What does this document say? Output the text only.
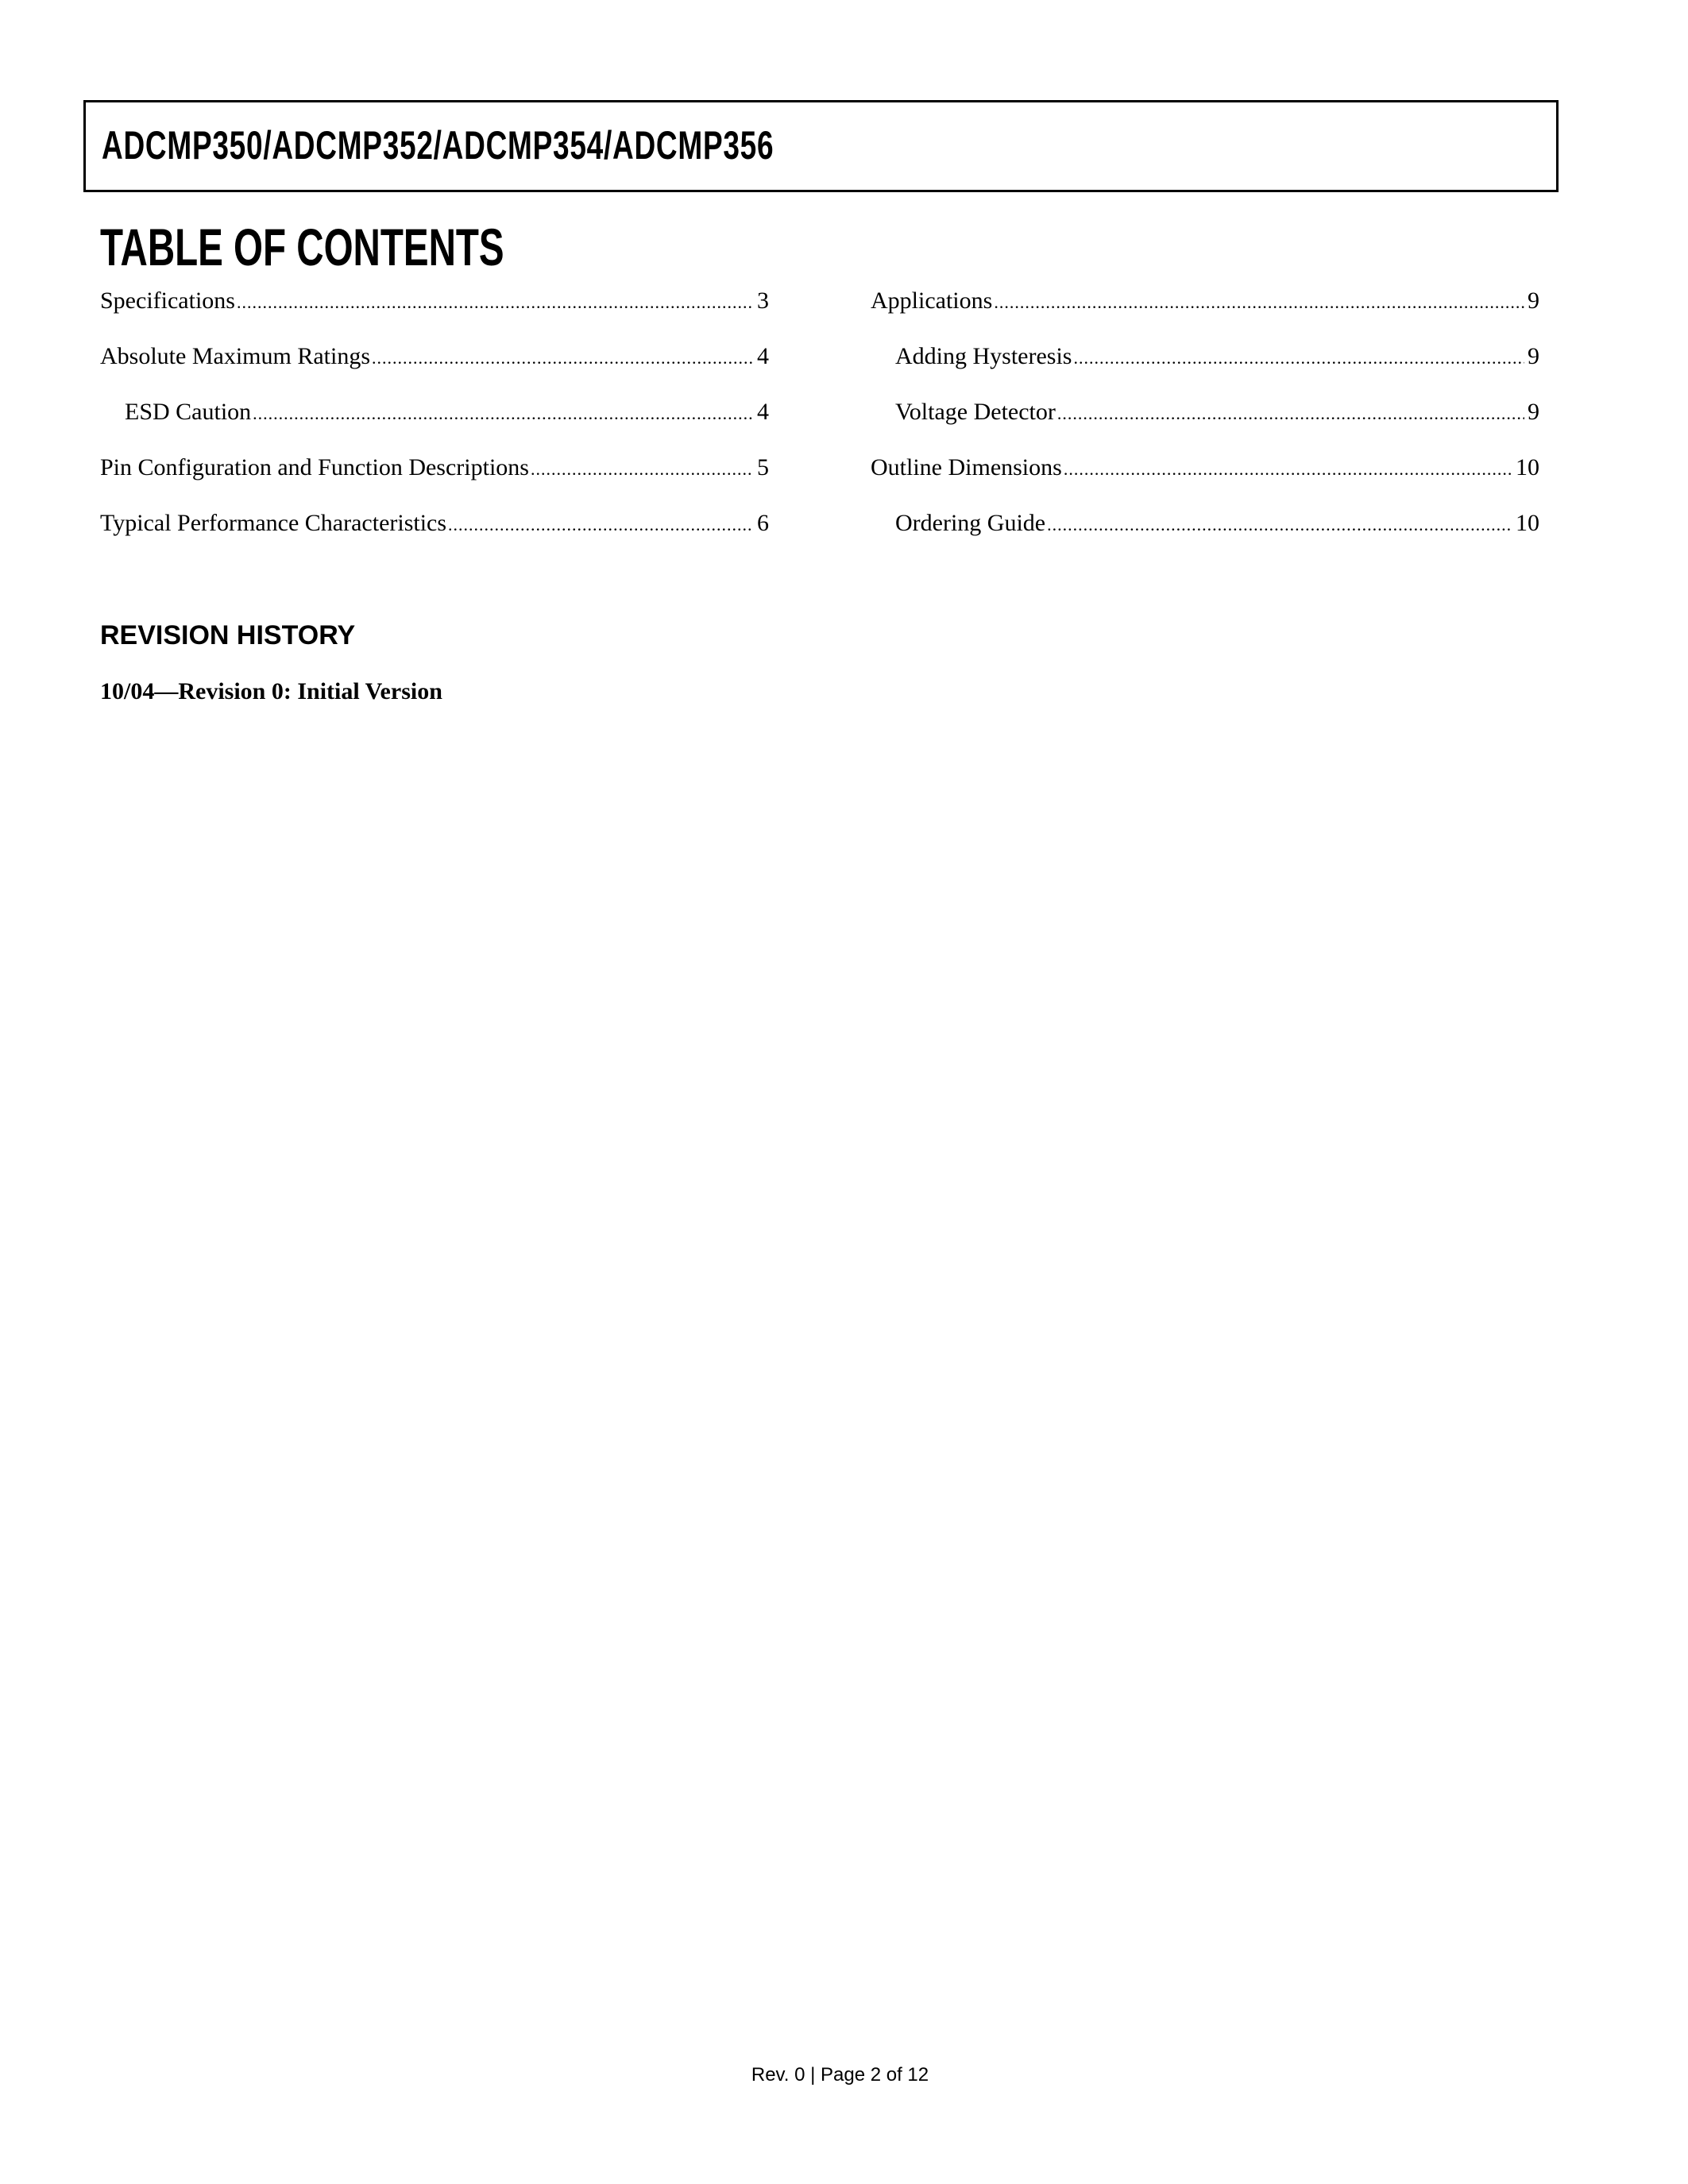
ADCMP350/ADCMP352/ADCMP354/ADCMP356
TABLE OF CONTENTS
Specifications .....	3
Absolute Maximum Ratings .....	4
ESD Caution .....	4
Pin Configuration and Function Descriptions .....	5
Typical Performance Characteristics .....	6
Applications .....	9
Adding Hysteresis .....	9
Voltage Detector .....	9
Outline Dimensions .....	10
Ordering Guide .....	10
REVISION HISTORY
10/04—Revision 0: Initial Version
Rev. 0 | Page 2 of 12
